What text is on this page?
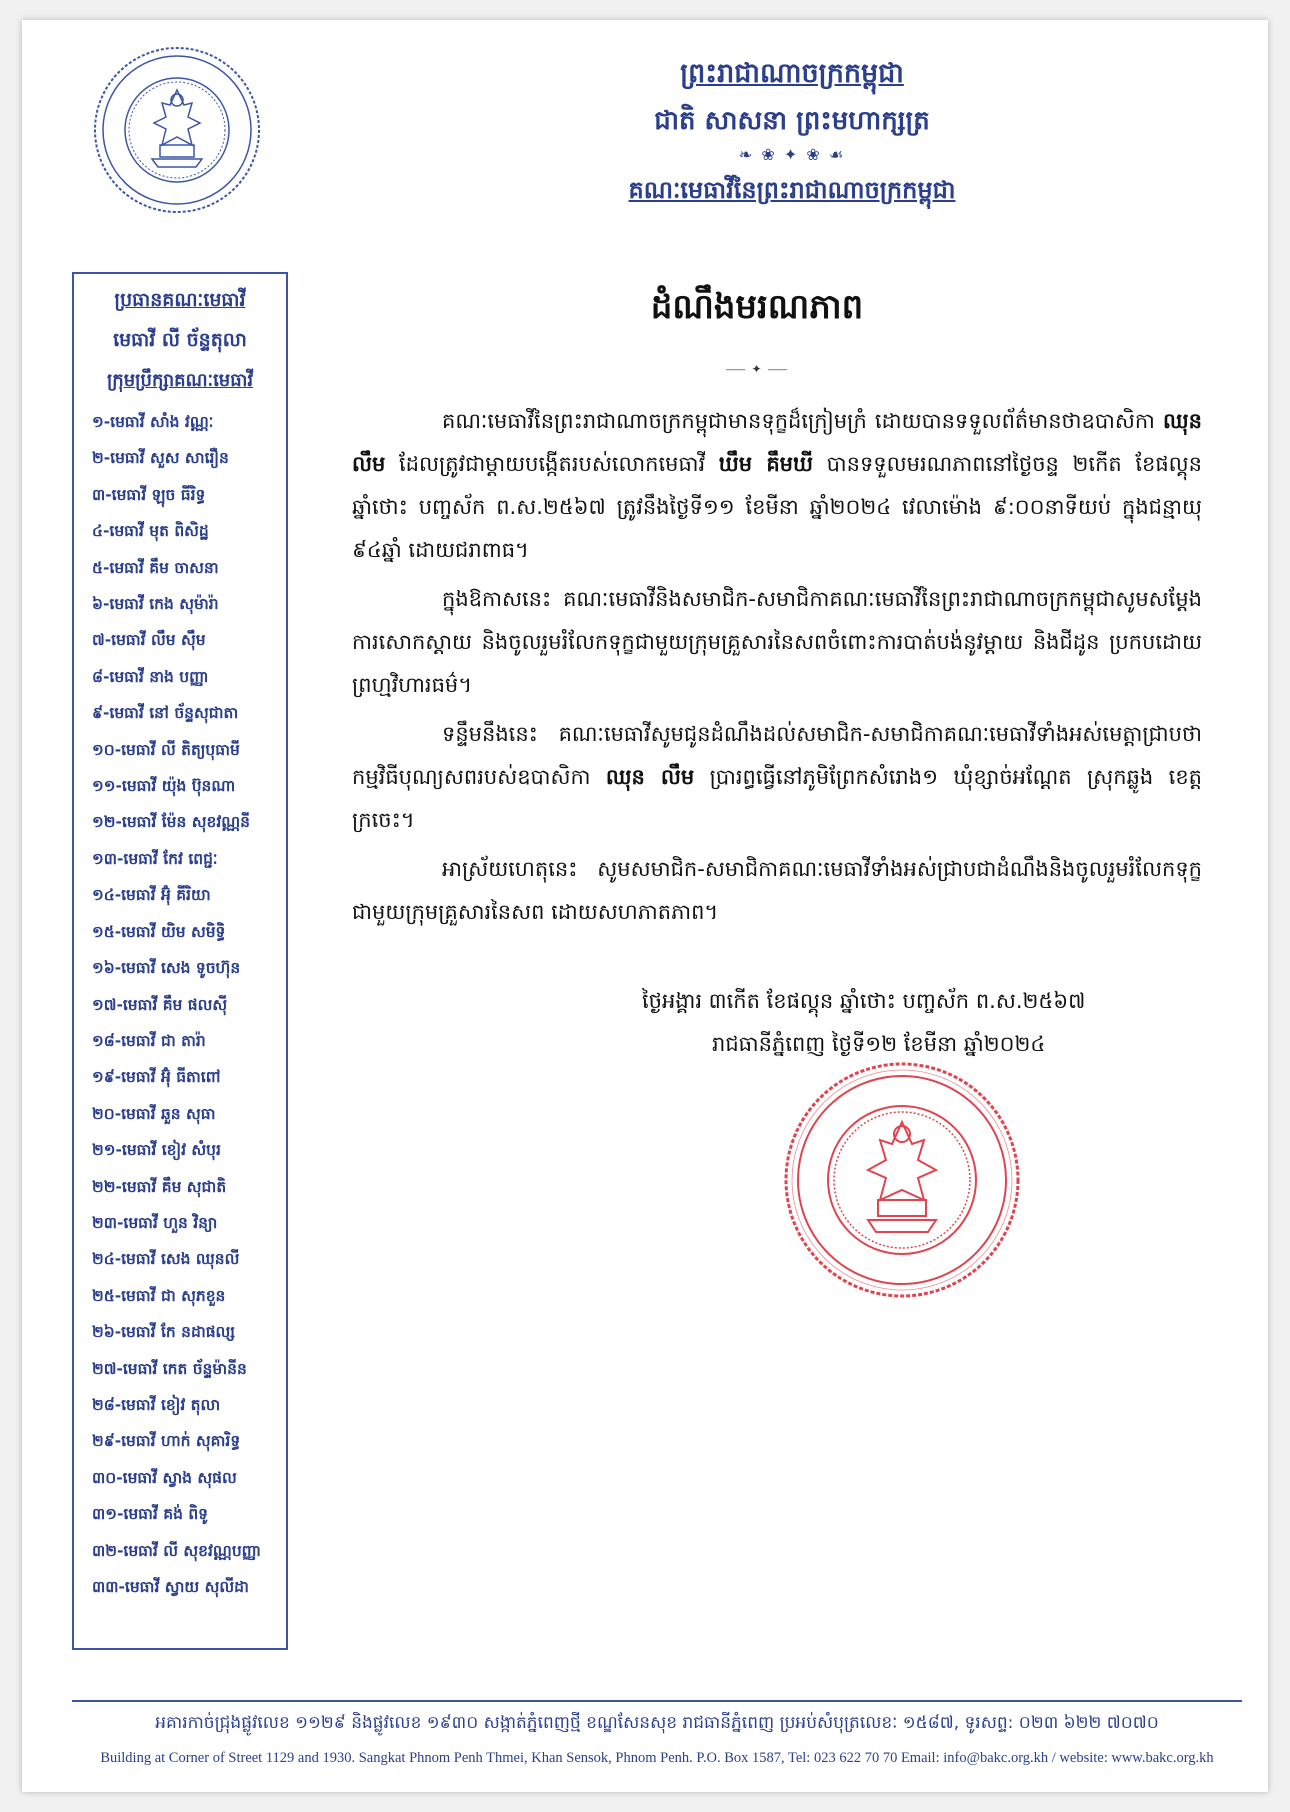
ព្រះរាជាណាចក្រកម្ពុជា
ជាតិ សាសនា ព្រះមហាក្សត្រ
❧ ❀ ✦ ❀ ☙
គណៈមេធាវីនៃព្រះរាជាណាចក្រកម្ពុជា
ប្រធានគណៈមេធាវី
មេធាវី លី ច័ន្ទតុលា
ក្រុមប្រឹក្សាគណៈមេធាវី
១-មេធាវី សាំង វណ្ណៈ
២-មេធាវី សួស សារឿន
៣-មេធាវី ឡុច ធីរិទ្ធ
៤-មេធាវី មុត ពិសិដ្ឋ
៥-មេធាវី គឹម ចាសនា
៦-មេធាវី កេង សុម៉ារ៉ា
៧-មេធាវី លឹម ស៊ឹម
៨-មេធាវី នាង បញ្ញា
៩-មេធាវី នៅ ច័ន្ទសុជាតា
១០-មេធាវី លី តិត្យបុធាមី
១១-មេធាវី យ៉ុង ប៊ុនណា
១២-មេធាវី ម៉ែន សុខវណ្ណនី
១៣-មេធាវី កែវ ពេជ្ជៈ
១៤-មេធាវី អ៊ុំ គីរិយា
១៥-មេធាវី យិម សមិទ្ធិ
១៦-មេធាវី សេង ទូចហ៊ុន
១៧-មេធាវី គឹម ផលស៊ី
១៨-មេធាវី ជា តារ៉ា
១៩-មេធាវី អ៊ុំ ធីតាពៅ
២០-មេធាវី ឆួន សុធា
២១-មេធាវី ខៀវ សំបុរ
២២-មេធាវី គឹម សុជាតិ
២៣-មេធាវី ហួន វិន្យា
២៤-មេធាវី សេង ឈុនលី
២៥-មេធាវី ជា សុភខួន
២៦-មេធាវី កែ នដាផល្ស
២៧-មេធាវី កេត ច័ន្ទម៉ានីន
២៨-មេធាវី ខៀវ តុលា
២៩-មេធាវី ហាក់ សុគារិទ្ធ
៣០-មេធាវី ស្វាង សុផល
៣១-មេធាវី គង់ ពិទូ
៣២-មេធាវី លី សុខវណ្ណបញ្ញា
៣៣-មេធាវី ស្វាយ សុលីដា
ដំណឹងមរណភាព
⸺ ✦ ⸺

គណៈមេធាវីនៃព្រះរាជាណាចក្រកម្ពុជាមានទុក្ខដ៏ក្រៀមក្រំ ដោយបានទទួលព័ត៌មានថាឧបាសិកា ឈុន លឹម ដែលត្រូវជាម្តាយបង្កើតរបស់លោកមេធាវី ឃឹម គឹមឃី បានទទួលមរណភាពនៅថ្ងៃចន្ទ ២កើត ខែផល្គុន ឆ្នាំថោះ បញ្ចស័ក ព.ស.២៥៦៧ ត្រូវនឹងថ្ងៃទី១១ ខែមីនា ឆ្នាំ២០២៤ វេលាម៉ោង ៩:០០នាទីយប់ ក្នុងជន្មាយុ ៩៤ឆ្នាំ ដោយជរាពាធ។

ក្នុងឱកាសនេះ គណៈមេធាវីនិងសមាជិក-សមាជិកាគណៈមេធាវីនៃព្រះរាជាណាចក្រកម្ពុជាសូមសម្តែងការសោកស្តាយ និងចូលរួមរំលែកទុក្ខជាមួយក្រុមគ្រួសារនៃសពចំពោះការបាត់បង់នូវម្តាយ និងជីដូន ប្រកបដោយព្រហ្មវិហារធម៌។

ទន្ទឹមនឹងនេះ គណៈមេធាវីសូមជូនដំណឹងដល់សមាជិក-សមាជិកាគណៈមេធាវីទាំងអស់មេត្តាជ្រាបថា កម្មវិធីបុណ្យសពរបស់ឧបាសិកា ឈុន លឹម ប្រារព្ធធ្វើនៅភូមិព្រែកសំរោង១ ឃុំខ្សាច់អណ្តែត ស្រុកឆ្លូង ខេត្តក្រចេះ។

អាស្រ័យហេតុនេះ សូមសមាជិក-សមាជិកាគណៈមេធាវីទាំងអស់ជ្រាបជាដំណឹងនិងចូលរួមរំលែកទុក្ខជាមួយក្រុមគ្រួសារនៃសព ដោយសហភាតភាព។

ថ្ងៃអង្គារ ៣កើត ខែផល្គុន ឆ្នាំថោះ បញ្ចស័ក ព.ស.២៥៦៧
រាជធានីភ្នំពេញ ថ្ងៃទី១២ ខែមីនា ឆ្នាំ២០២៤
អគារកាច់ជ្រុងផ្លូវលេខ ១១២៩ និងផ្លូវលេខ ១៩៣០ សង្កាត់ភ្នំពេញថ្មី ខណ្ឌសែនសុខ រាជធានីភ្នំពេញ ប្រអប់សំបុត្រលេខៈ ១៥៨៧, ទូរសព្ទ: ០២៣ ៦២២ ៧០៧០
Building at Corner of Street 1129 and 1930. Sangkat Phnom Penh Thmei, Khan Sensok, Phnom Penh. P.O. Box 1587, Tel: 023 622 70 70 Email: info@bakc.org.kh / website: www.bakc.org.kh
